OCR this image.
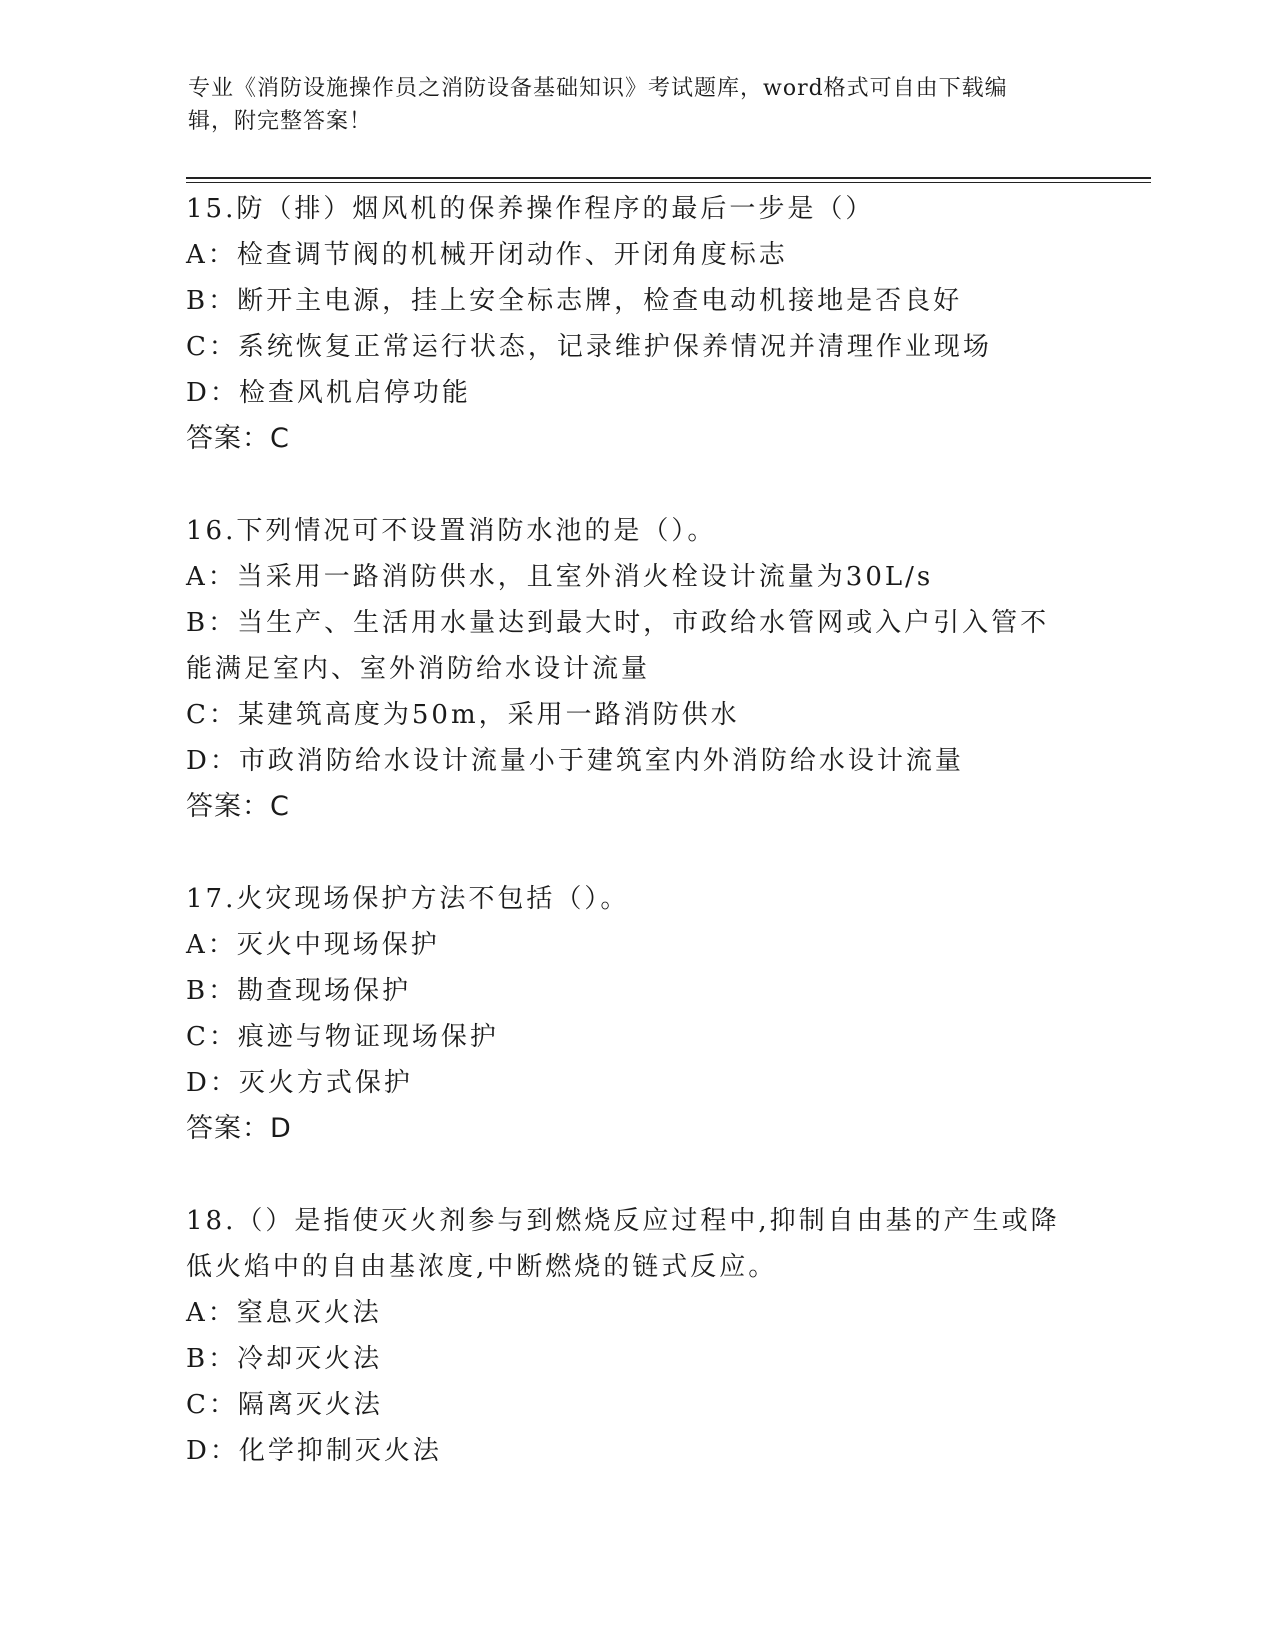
专业《消防设施操作员之消防设备基础知识》考试题库，word格式可自由下载编
辑，附完整答案！
15.防（排）烟风机的保养操作程序的最后一步是（）
A：检查调节阀的机械开闭动作、开闭角度标志
B：断开主电源，挂上安全标志牌，检查电动机接地是否良好
C：系统恢复正常运行状态，记录维护保养情况并清理作业现场
D：检查风机启停功能
答案：C
16.下列情况可不设置消防水池的是（）。
A：当采用一路消防供水，且室外消火栓设计流量为30L/s
B：当生产、生活用水量达到最大时，市政给水管网或入户引入管不能满足室内、室外消防给水设计流量
C：某建筑高度为50m，采用一路消防供水
D：市政消防给水设计流量小于建筑室内外消防给水设计流量
答案：C
17.火灾现场保护方法不包括（）。
A：灭火中现场保护
B：勘查现场保护
C：痕迹与物证现场保护
D：灭火方式保护
答案：D
18.（）是指使灭火剂参与到燃烧反应过程中,抑制自由基的产生或降低火焰中的自由基浓度,中断燃烧的链式反应。
A：窒息灭火法
B：冷却灭火法
C：隔离灭火法
D：化学抑制灭火法
